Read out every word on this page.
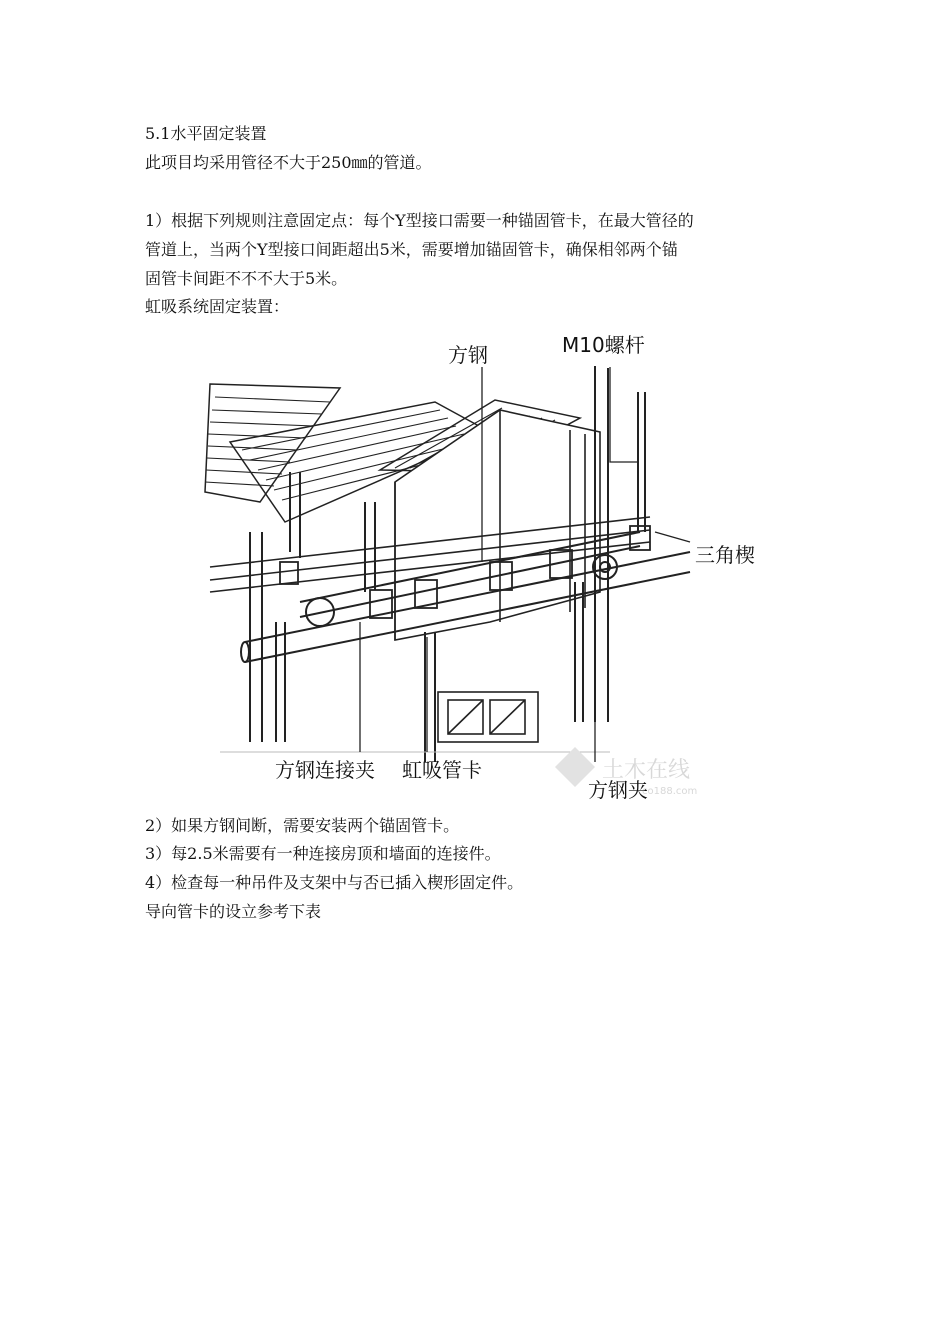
5.1水平固定装置
此项目均采用管径不大于250㎜的管道。
1）根据下列规则注意固定点：每个Y型接口需要一种锚固管卡，在最大管径的
管道上，当两个Y型接口间距超出5米，需要增加锚固管卡，确保相邻两个锚
固管卡间距不不不大于5米。
虹吸系统固定装置：
土木在线
co188.com
方钢	M10螺杆
三角楔
方钢连接夹 虹吸管卡
方钢夹
2）如果方钢间断，需要安装两个锚固管卡。
3）每2.5米需要有一种连接房顶和墙面的连接件。
4）检查每一种吊件及支架中与否已插入楔形固定件。
导向管卡的设立参考下表
